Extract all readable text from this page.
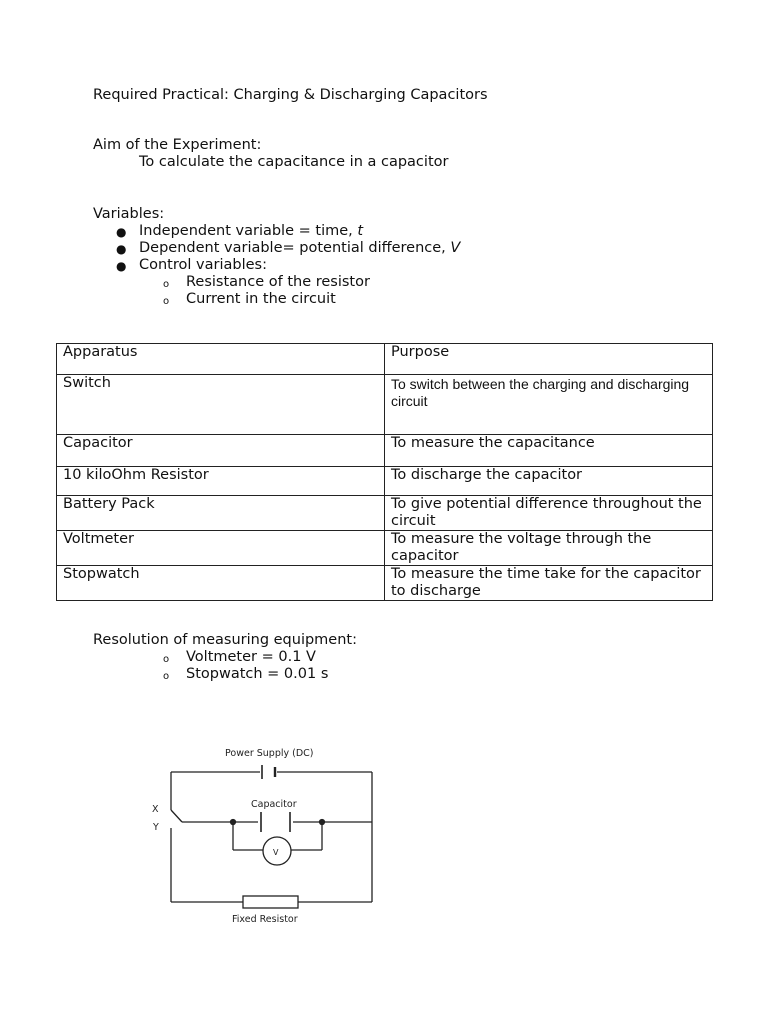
Required Practical: Charging & Discharging Capacitors
Aim of the Experiment:
To calculate the capacitance in a capacitor
Variables:
● Independent variable = time, t
● Dependent variable= potential difference, V
● Control variables:
o Resistance of the resistor
o Current in the circuit
Apparatus	Purpose
Switch	To switch between the charging and discharging circuit
Capacitor	To measure the capacitance
10 kiloOhm Resistor	To discharge the capacitor
Battery Pack	To give potential difference throughout the circuit
Voltmeter	To measure the voltage through the capacitor
Stopwatch	To measure the time take for the capacitor to discharge
Resolution of measuring equipment:
o Voltmeter = 0.1 V
o Stopwatch = 0.01 s
Power Supply (DC)
Capacitor
V
X
Y
Fixed Resistor
